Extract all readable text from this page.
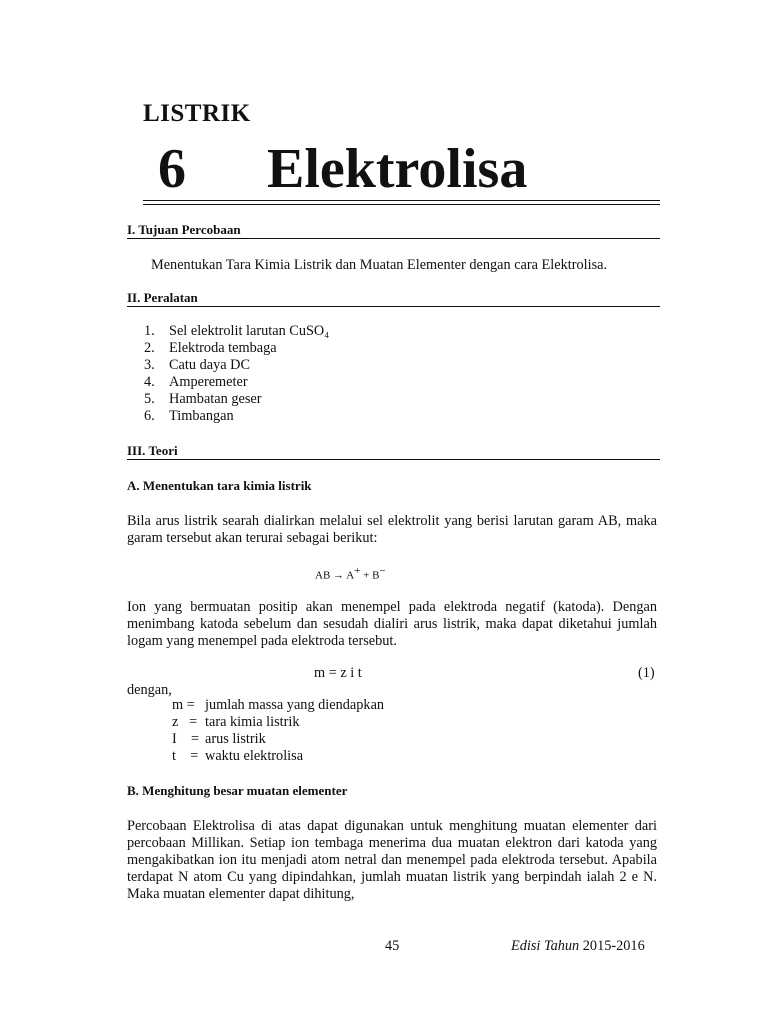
LISTRIK
6 Elektrolisa
I. Tujuan Percobaan
Menentukan Tara Kimia Listrik dan Muatan Elementer dengan cara Elektrolisa.
II. Peralatan
1. Sel elektrolit larutan CuSO₄
2. Elektroda tembaga
3. Catu daya DC
4. Amperemeter
5. Hambatan geser
6. Timbangan
III. Teori
A. Menentukan tara kimia listrik
Bila arus listrik searah dialirkan melalui sel elektrolit yang berisi larutan garam AB, maka garam tersebut akan terurai sebagai berikut:
AB → A+ + B−
Ion yang bermuatan positip akan menempel pada elektroda negatif (katoda). Dengan menimbang katoda sebelum dan sesudah dialiri arus listrik, maka dapat diketahui jumlah logam yang menempel pada elektroda tersebut.
m = z i t	(1)
dengan,
m = jumlah massa yang diendapkan
z   = tara kimia listrik
I    = arus listrik
t    = waktu elektrolisa
B. Menghitung besar muatan elementer
Percobaan Elektrolisa di atas dapat digunakan untuk menghitung muatan elementer dari percobaan Millikan. Setiap ion tembaga menerima dua muatan elektron dari katoda yang mengakibatkan ion itu menjadi atom netral dan menempel pada elektroda tersebut. Apabila terdapat N atom Cu yang dipindahkan, jumlah muatan listrik yang berpindah ialah 2 e N. Maka muatan elementer dapat dihitung,
45	Edisi Tahun 2015-2016
